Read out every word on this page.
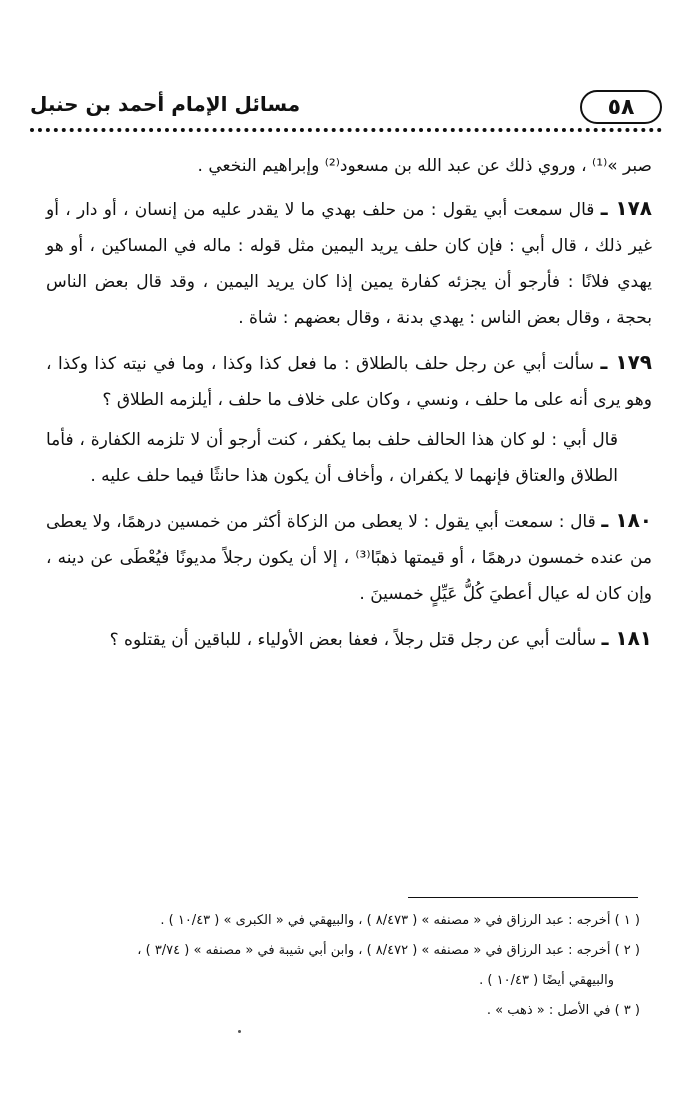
٥٨
مسائل الإمام أحمد بن حنبل

صبر »⁽¹⁾ ، وروي ذلك عن عبد الله بن مسعود⁽²⁾ وإبراهيم النخعي .

١٧٨ ـ قال سمعت أبي يقول : من حلف بهدي ما لا يقدر عليه من إنسان ، أو دار ، أو غير ذلك ، قال أبي : فإن كان حلف يريد اليمين مثل قوله : ماله في المساكين ، أو هو يهدي فلانًا : فأرجو أن يجزئه كفارة يمين إذا كان يريد اليمين ، وقد قال بعض الناس بحجة ، وقال بعض الناس : يهدي بدنة ، وقال بعضهم : شاة .
١٧٩ ـ سألت أبي عن رجل حلف بالطلاق : ما فعل كذا وكذا ، وما في نيته كذا وكذا ، وهو يرى أنه على ما حلف ، ونسي ، وكان على خلاف ما حلف ، أيلزمه الطلاق ؟
قال أبي : لو كان هذا الحالف حلف بما يكفر ، كنت أرجو أن لا تلزمه الكفارة ، فأما الطلاق والعتاق فإنهما لا يكفران ، وأخاف أن يكون هذا حانثًا فيما حلف عليه .
١٨٠ ـ قال : سمعت أبي يقول : لا يعطى من الزكاة أكثر من خمسين درهمًا، ولا يعطى من عنده خمسون درهمًا ، أو قيمتها ذهبًا⁽³⁾ ، إلا أن يكون رجلاً مديونًا فيُعْطَى عن دينه ، وإن كان له عيال أعطيَ كُلُّ عَيِّلٍ خمسينَ .
١٨١ ـ سألت أبي عن رجل قتل رجلاً ، فعفا بعض الأولياء ، للباقين أن يقتلوه ؟
( ١ ) أخرجه : عبد الرزاق في « مصنفه » ( ٨/٤٧٣ ) ، والبيهقي في « الكبرى » ( ١٠/٤٣ ) .
( ٢ ) أخرجه : عبد الرزاق في « مصنفه » ( ٨/٤٧٢ ) ، وابن أبي شيبة في « مصنفه » ( ٣/٧٤ ) ،
والبيهقي أيضًا ( ١٠/٤٣ ) .
( ٣ ) في الأصل : « ذهب » .
